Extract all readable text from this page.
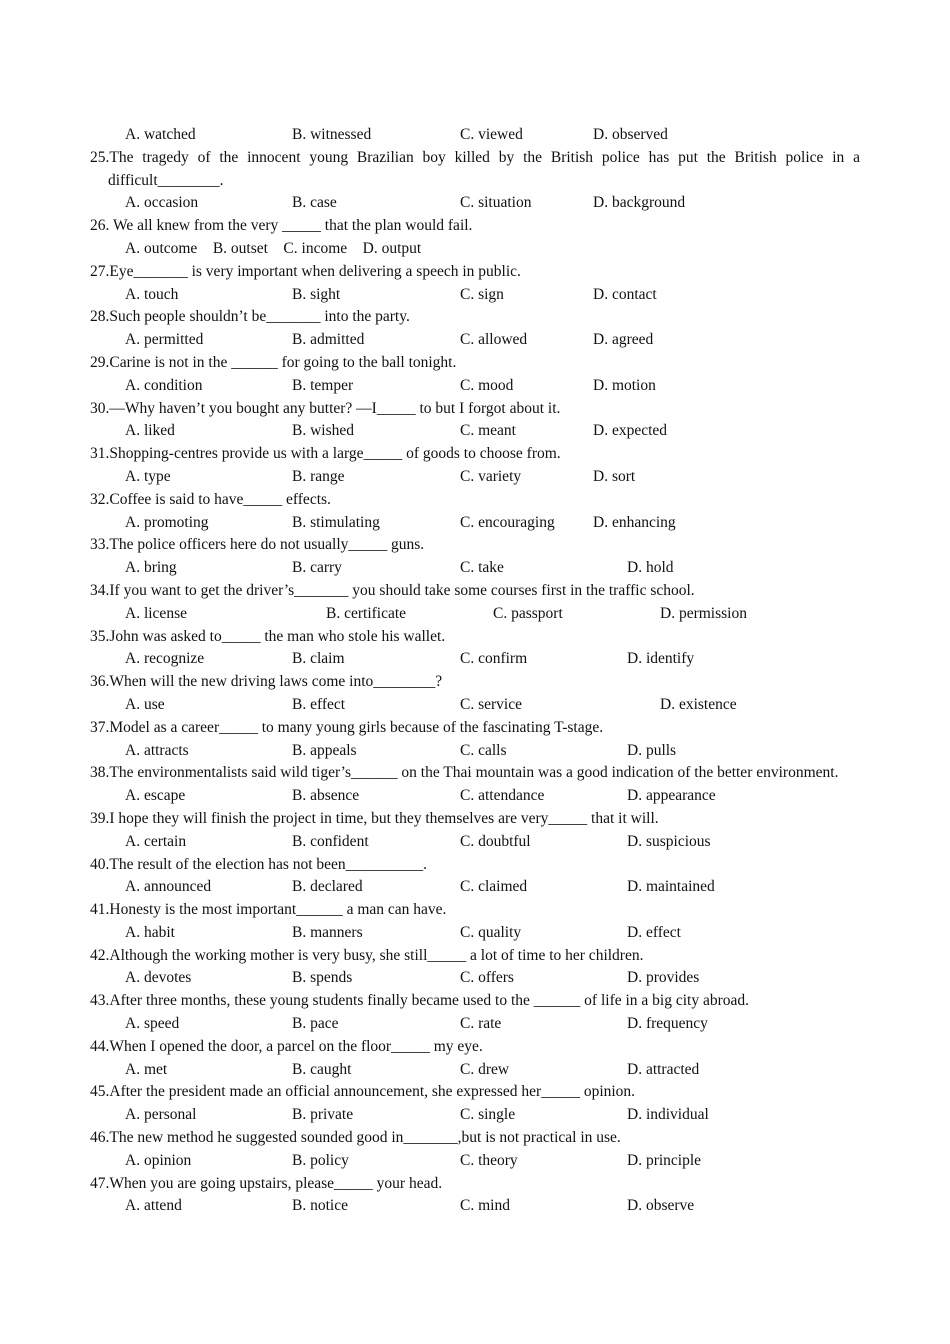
A. watched	B. witnessed	C. viewed	D. observed
25.The tragedy of the innocent young Brazilian boy killed by the British police has put the British police in a difficult________.
A. occasion	B. case	C. situation	D. background
26. We all knew from the very _____ that the plan would fail.
A. outcome    B. outset    C. income    D. output
27.Eye_______ is very important when delivering a speech in public.
A. touch	B. sight	C. sign	D. contact
28.Such people shouldn’t be_______ into the party.
A. permitted	B. admitted	C. allowed	D. agreed
29.Carine is not in the ______ for going to the ball tonight.
A. condition	B. temper	C. mood	D. motion
30.—Why haven’t you bought any butter? —I_____ to but I forgot about it.
A. liked	B. wished	C. meant	D. expected
31.Shopping-centres provide us with a large_____ of goods to choose from.
A. type	B. range	C. variety	D. sort
32.Coffee is said to have_____ effects.
A. promoting	B. stimulating	C. encouraging D. enhancing
33.The police officers here do not usually_____ guns.
A. bring	B. carry	C. take	D. hold
34.If you want to get the driver’s_______ you should take some courses first in the traffic school.
A. license	B. certificate	C. passport	D. permission
35.John was asked to_____ the man who stole his wallet.
A. recognize	B. claim	C. confirm	D. identify
36.When will the new driving laws come into________?
A. use	B. effect	C. service	D. existence
37.Model as a career_____ to many young girls because of the fascinating T-stage.
A. attracts	B. appeals	C. calls	D. pulls
38.The environmentalists said wild tiger’s______ on the Thai mountain was a good indication of the better environment.
A. escape	B. absence	C. attendance	D. appearance
39.I hope they will finish the project in time, but they themselves are very_____ that it will.
A. certain	B. confident	C. doubtful	D. suspicious
40.The result of the election has not been__________.
A. announced	B. declared	C. claimed	D. maintained
41.Honesty is the most important______ a man can have.
A. habit	B. manners	C. quality	D. effect
42.Although the working mother is very busy, she still_____ a lot of time to her children.
A. devotes	B. spends	C. offers	D. provides
43.After three months, these young students finally became used to the ______ of life in a big city abroad.
A. speed	B. pace	C. rate	D. frequency
44.When I opened the door, a parcel on the floor_____ my eye.
A. met	B. caught	C. drew	D. attracted
45.After the president made an official announcement, she expressed her_____ opinion.
A. personal	B. private	C. single	D. individual
46.The new method he suggested sounded good in_______,but is not practical in use.
A. opinion	B. policy	C. theory	D. principle
47.When you are going upstairs, please_____ your head.
A. attend	B. notice	C. mind	D. observe
